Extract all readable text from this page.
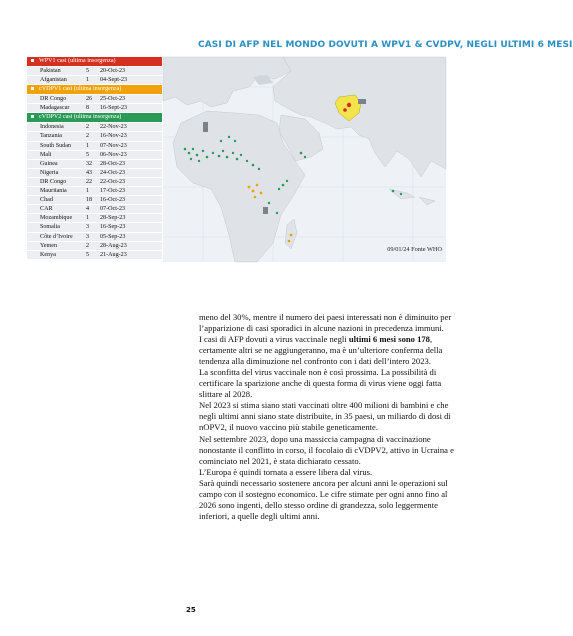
CASI DI AFP NEL MONDO DOVUTI A WPV1 & CVDPV, NEGLI ULTIMI 6 MESI
WPV1 casi (ultima insorgenza)
Pakistan	5	20-Oct-23
Afganistan	1	04-Sept-23
cVDPV1 casi (ultima insorgenza)
DR Congo	26	25-Oct-23
Madagascar	8	16-Sept-23
cVDPV2 casi (ultima insorgenza)
Indonesia	2	22-Nov-23
Tanzania	2	16-Nov-23
South Sudan	1	07-Nov-23
Mali	5	06-Nov-23
Guinea	32	28-Oct-23
Nigeria	43	24-Oct-23
DR Congo	22	22-Oct-23
Mauritania	1	17-Oct-23
Chad	18	16-Oct-23
CAR	4	07-Oct-23
Mozambique	1	28-Sep-23
Somalia	3	16-Sep-23
Côte d’Ivoire	3	05-Sep-23
Yemen	2	28-Aug-23
Kenya	5	21-Aug-23
09/01/24 Fonte WHO

meno del 30%, mentre il numero dei paesi interessati non è diminuito per l’apparizione di casi sporadici in alcune nazioni in precedenza immuni.

I casi di AFP dovuti a virus vaccinale negli ultimi 6 mesi sono 178, certamente altri se ne aggiungeranno, ma è un’ulteriore conferma della tendenza alla diminuzione nel confronto con i dati dell’intero 2023.

La sconfitta del virus vaccinale non è così prossima. La possibilità di certificare la sparizione anche di questa forma di virus viene oggi fatta slittare al 2028.

Nel 2023 si stima siano stati vaccinati oltre 400 milioni di bambini e che negli ultimi anni siano state distribuite, in 35 paesi, un miliardo di dosi di nOPV2, il nuovo vaccino più stabile geneticamente.

Nel settembre 2023, dopo una massiccia campagna di vaccinazione nonostante il conflitto in corso, il focolaio di cVDPV2, attivo in Ucraina e cominciato nel 2021, è stata dichiarato cessato.

L’Europa è quindi tornata a essere libera dal virus.

Sarà quindi necessario sostenere ancora per alcuni anni le operazioni sul campo con il sostegno economico. Le cifre stimate per ogni anno fino al 2026 sono ingenti, dello stesso ordine di grandezza, solo leggermente inferiori, a quelle degli ultimi anni.

25
